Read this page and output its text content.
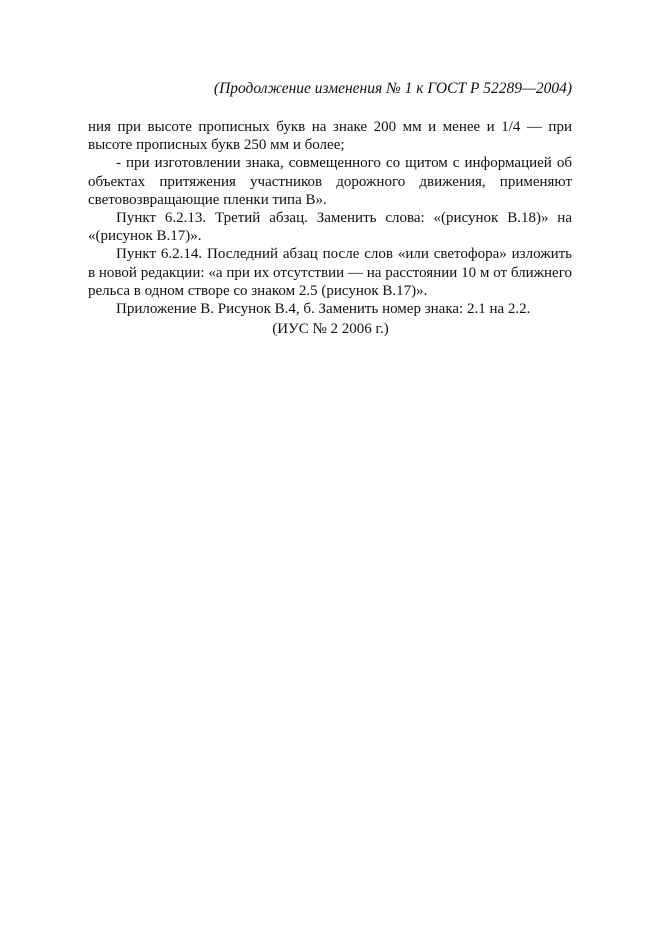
(Продолжение изменения № 1 к ГОСТ Р 52289—2004)

ния при высоте прописных букв на знаке 200 мм и менее и 1/4 — при высоте прописных букв 250 мм и более;

- при изготовлении знака, совмещенного со щитом с информацией об объектах притяжения участников дорожного движения, применяют световозвращающие пленки типа В».

Пункт 6.2.13. Третий абзац. Заменить слова: «(рисунок В.18)» на «(рисунок В.17)».

Пункт 6.2.14. Последний абзац после слов «или светофора» изложить в новой редакции: «а при их отсутствии — на расстоянии 10 м от ближнего рельса в одном створе со знаком 2.5 (рисунок В.17)».

Приложение В. Рисунок В.4, б. Заменить номер знака: 2.1 на 2.2.

(ИУС № 2 2006 г.)
